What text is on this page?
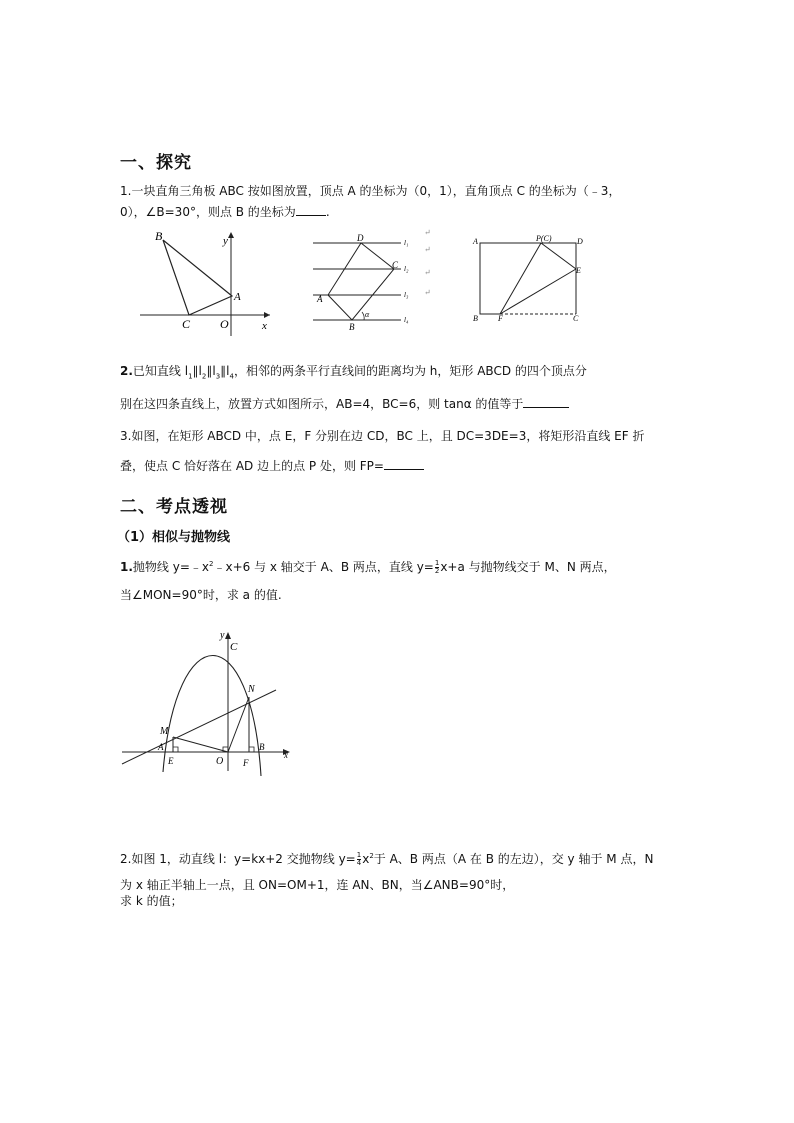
一、探究
1.一块直角三角板 ABC 按如图放置，顶点 A 的坐标为（0，1），直角顶点 C 的坐标为（﹣3，
0），∠B=30°，则点 B 的坐标为	.
B	y
A
C O	x
D
C
A
B
α
l₁
l₂
l₃
l₄
↵
↵
↵
↵
A	P(C)	D
E
B	F	C
2.已知直线 $l_1\parallel l_2\parallel l_3\parallel l_4$，相邻的两条平行直线间的距离均为 h，矩形 ABCD 的四个顶点分
别在这四条直线上，放置方式如图所示，AB=4，BC=6，则 tanα 的值等于
3.如图，在矩形 ABCD 中，点 E，F 分别在边 CD，BC 上，且 DC=3DE=3，将矩形沿直线 EF 折
叠，使点 C 恰好落在 AD 边上的点 P 处，则 FP=
二、考点透视
（1）相似与抛物线
1.抛物线 $y=﹣x^2﹣x+6$ 与 x 轴交于 A、B 两点，直线 $y= \frac{1}{2} x+a$ 与抛物线交于 M、N 两点，
当∠MON=90°时，求 a 的值.
y
C
N
M
A
E	O F
B
x
2.如图 1，动直线 l：y=kx+2 交抛物线 $y= \frac{1}{4} x^2$于 A、B 两点（A 在 B 的左边），交 y 轴于 M 点，N
为 x 轴正半轴上一点，且 ON=OM+1，连 AN、BN，当∠ANB=90°时，
求 k 的值；
